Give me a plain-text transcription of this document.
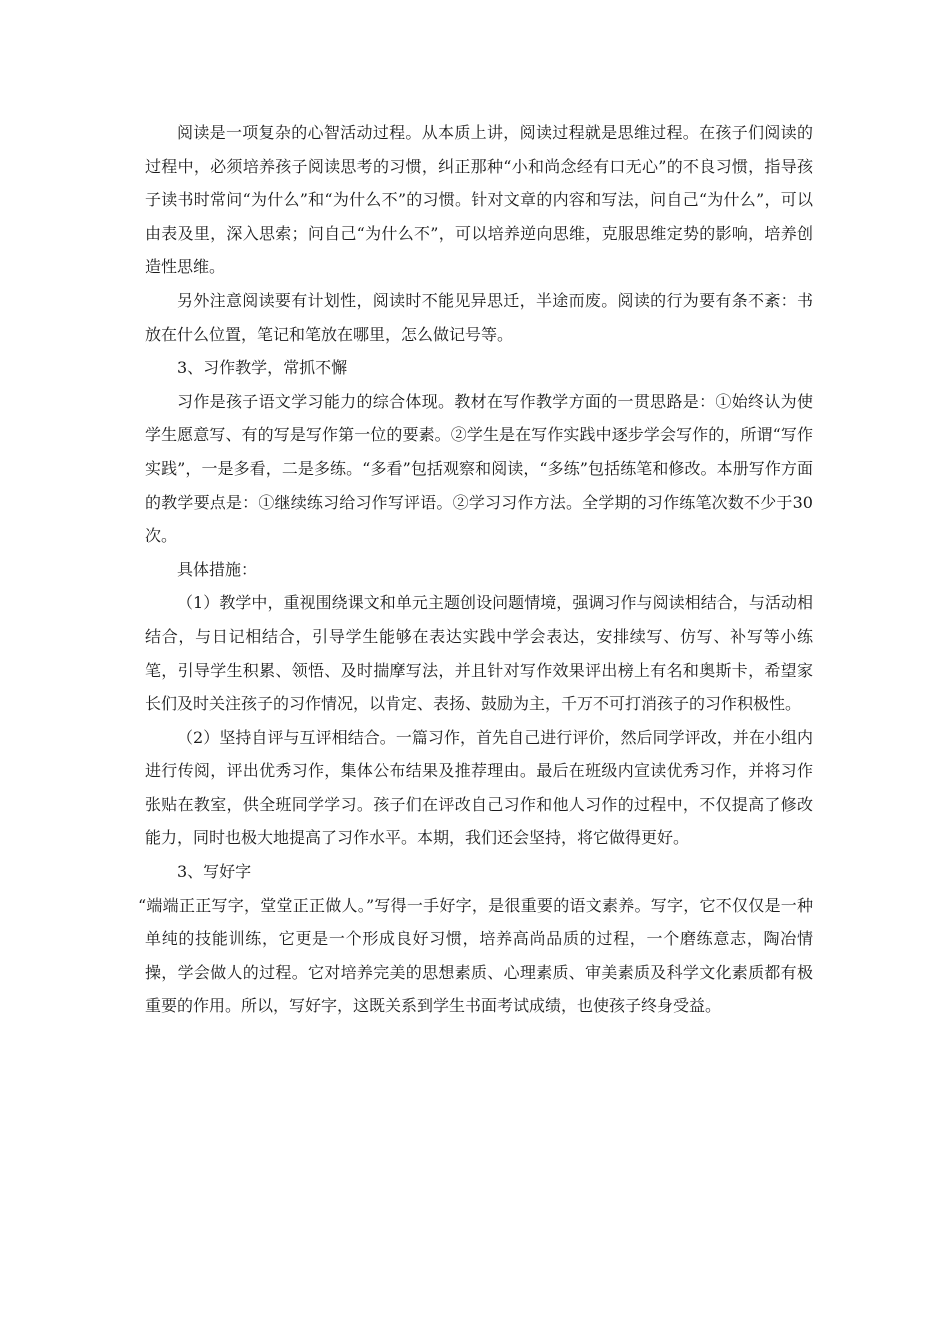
阅读是一项复杂的心智活动过程。从本质上讲，阅读过程就是思维过程。在孩子们阅读的过程中，必须培养孩子阅读思考的习惯，纠正那种“小和尚念经有口无心”的不良习惯，指导孩子读书时常问“为什么”和“为什么不”的习惯。针对文章的内容和写法，问自己“为什么”，可以由表及里，深入思索；问自己“为什么不”，可以培养逆向思维，克服思维定势的影响，培养创造性思维。

另外注意阅读要有计划性，阅读时不能见异思迁，半途而废。阅读的行为要有条不紊：书放在什么位置，笔记和笔放在哪里，怎么做记号等。

3、习作教学，常抓不懈

习作是孩子语文学习能力的综合体现。教材在写作教学方面的一贯思路是：①始终认为使学生愿意写、有的写是写作第一位的要素。②学生是在写作实践中逐步学会写作的，所谓“写作实践”，一是多看，二是多练。“多看”包括观察和阅读，“多练”包括练笔和修改。本册写作方面的教学要点是：①继续练习给习作写评语。②学习习作方法。全学期的习作练笔次数不少于30次。

具体措施：

（1）教学中，重视围绕课文和单元主题创设问题情境，强调习作与阅读相结合，与活动相结合，与日记相结合，引导学生能够在表达实践中学会表达，安排续写、仿写、补写等小练笔，引导学生积累、领悟、及时揣摩写法，并且针对写作效果评出榜上有名和奥斯卡，希望家长们及时关注孩子的习作情况，以肯定、表扬、鼓励为主，千万不可打消孩子的习作积极性。

（2）坚持自评与互评相结合。一篇习作，首先自己进行评价，然后同学评改，并在小组内进行传阅，评出优秀习作，集体公布结果及推荐理由。最后在班级内宣读优秀习作，并将习作张贴在教室，供全班同学学习。孩子们在评改自己习作和他人习作的过程中，不仅提高了修改能力，同时也极大地提高了习作水平。本期，我们还会坚持，将它做得更好。

3、写好字

“端端正正写字，堂堂正正做人。”写得一手好字，是很重要的语文素养。写字，它不仅仅是一种单纯的技能训练，它更是一个形成良好习惯，培养高尚品质的过程，一个磨练意志，陶冶情操，学会做人的过程。它对培养完美的思想素质、心理素质、审美素质及科学文化素质都有极重要的作用。所以，写好字，这既关系到学生书面考试成绩，也使孩子终身受益。
